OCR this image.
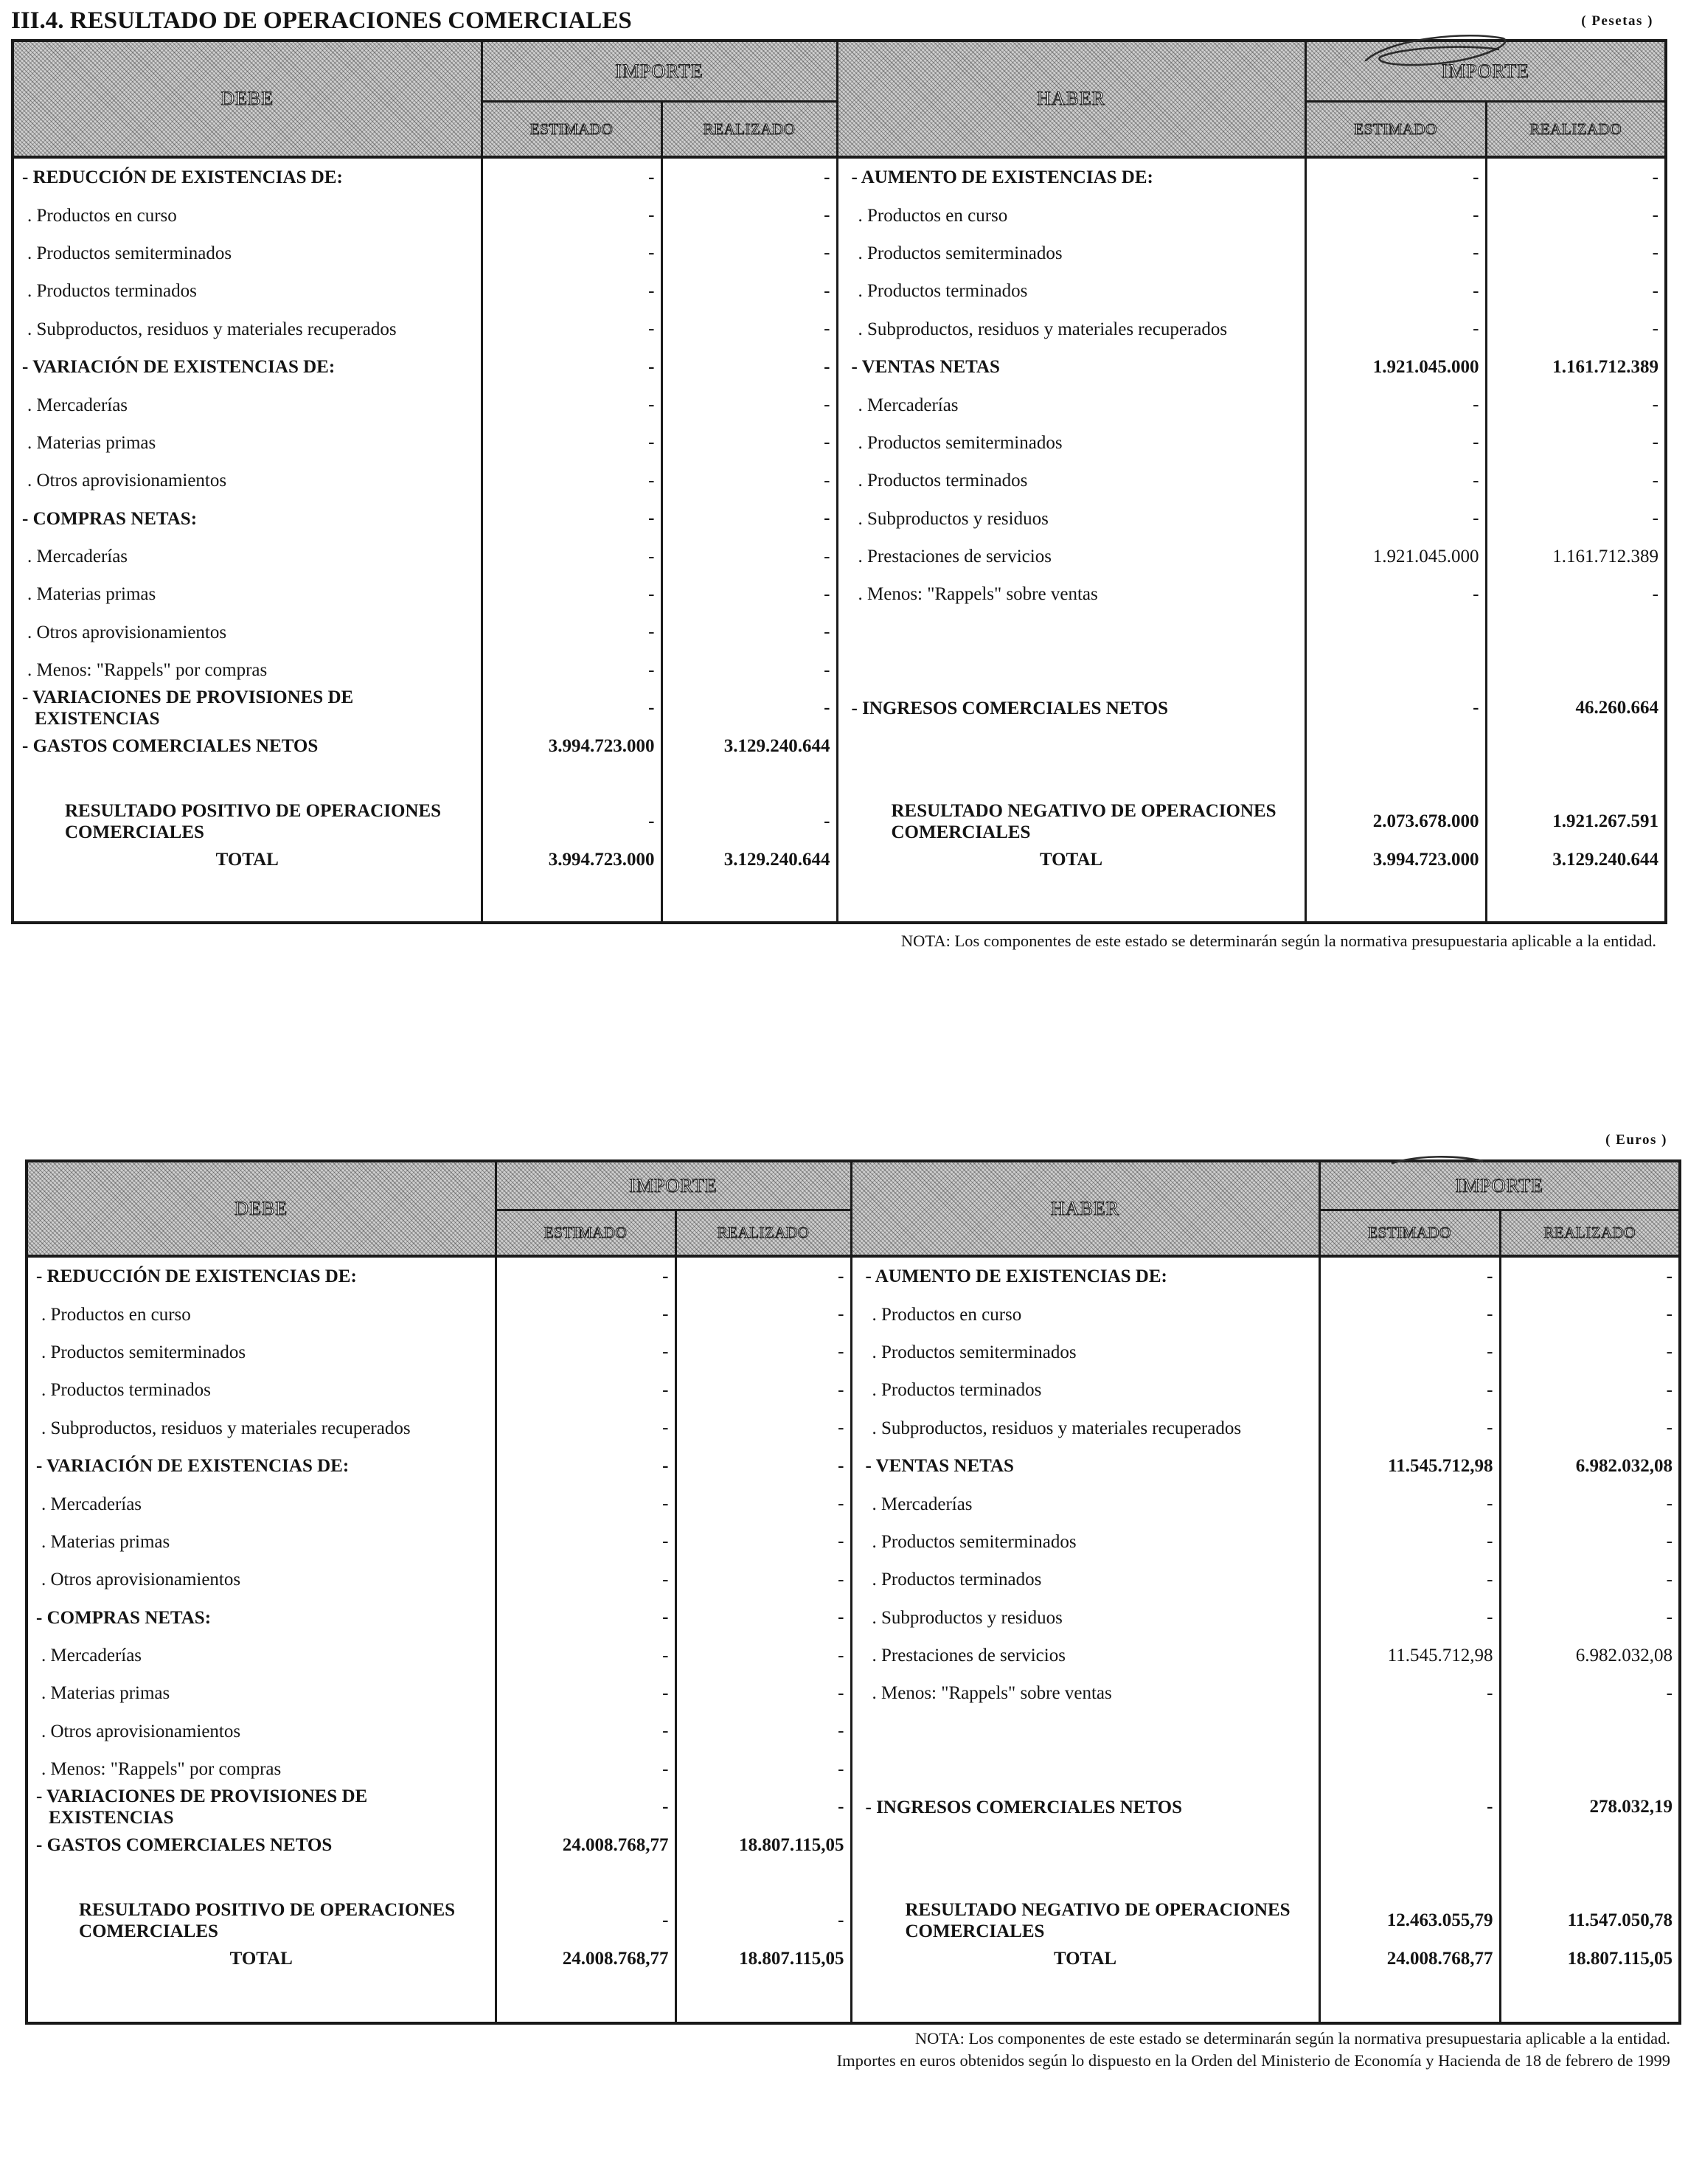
III.4. RESULTADO DE OPERACIONES COMERCIALES	( Pesetas )
DEBE	IMPORTE		HABER	IMPORTE	
	ESTIMADO	REALIZADO		ESTIMADO	REALIZADO

- REDUCCIÓN DE EXISTENCIAS DE:	-	-	- AUMENTO DE EXISTENCIAS DE:	-	-

. Productos en curso	-	-	. Productos en curso	-	-

. Productos semiterminados	-	-	. Productos semiterminados	-	-

. Productos terminados	-	-	. Productos terminados	-	-

. Subproductos, residuos y materiales recuperados	-	-	. Subproductos, residuos y materiales recuperados	-	-

- VARIACIÓN DE EXISTENCIAS DE:	-	-	- VENTAS NETAS	1.921.045.000	1.161.712.389

. Mercaderías	-	-	. Mercaderías	-	-

. Materias primas	-	-	. Productos semiterminados	-	-

. Otros aprovisionamientos	-	-	. Productos terminados	-	-

- COMPRAS NETAS:	-	-	. Subproductos y residuos	-	-

. Mercaderías	-	-	. Prestaciones de servicios	1.921.045.000	1.161.712.389

. Materias primas	-	-	. Menos: "Rappels" sobre ventas	-	-

. Otros aprovisionamientos	-	-	

. Menos: "Rappels" por compras	-	-	

- VARIACIONES DE PROVISIONES DE EXISTENCIAS	-	-	- INGRESOS COMERCIALES NETOS	-	46.260.664

- GASTOS COMERCIALES NETOS	3.994.723.000	3.129.240.644	

RESULTADO POSITIVO DE OPERACIONES COMERCIALES	-	-	RESULTADO NEGATIVO DE OPERACIONES COMERCIALES	2.073.678.000	1.921.267.591

TOTAL	3.994.723.000	3.129.240.644	TOTAL	3.994.723.000	3.129.240.644

NOTA: Los componentes de este estado se determinarán según la normativa presupuestaria aplicable a la entidad.
( Euros )
DEBE	IMPORTE		HABER	IMPORTE	
	ESTIMADO	REALIZADO		ESTIMADO	REALIZADO

- REDUCCIÓN DE EXISTENCIAS DE:	-	-	- AUMENTO DE EXISTENCIAS DE:	-	-

. Productos en curso	-	-	. Productos en curso	-	-

. Productos semiterminados	-	-	. Productos semiterminados	-	-

. Productos terminados	-	-	. Productos terminados	-	-

. Subproductos, residuos y materiales recuperados	-	-	. Subproductos, residuos y materiales recuperados	-	-

- VARIACIÓN DE EXISTENCIAS DE:	-	-	- VENTAS NETAS	11.545.712,98	6.982.032,08

. Mercaderías	-	-	. Mercaderías	-	-

. Materias primas	-	-	. Productos semiterminados	-	-

. Otros aprovisionamientos	-	-	. Productos terminados	-	-

- COMPRAS NETAS:	-	-	. Subproductos y residuos	-	-

. Mercaderías	-	-	. Prestaciones de servicios	11.545.712,98	6.982.032,08

. Materias primas	-	-	. Menos: "Rappels" sobre ventas	-	-

. Otros aprovisionamientos	-	-	

. Menos: "Rappels" por compras	-	-	

- VARIACIONES DE PROVISIONES DE EXISTENCIAS	-	-	- INGRESOS COMERCIALES NETOS	-	278.032,19

- GASTOS COMERCIALES NETOS	24.008.768,77	18.807.115,05	

RESULTADO POSITIVO DE OPERACIONES COMERCIALES	-	-	RESULTADO NEGATIVO DE OPERACIONES COMERCIALES	12.463.055,79	11.547.050,78

TOTAL	24.008.768,77	18.807.115,05	TOTAL	24.008.768,77	18.807.115,05

NOTA: Los componentes de este estado se determinarán según la normativa presupuestaria aplicable a la entidad.
Importes en euros obtenidos según lo dispuesto en la Orden del Ministerio de Economía y Hacienda de 18 de febrero de 1999
